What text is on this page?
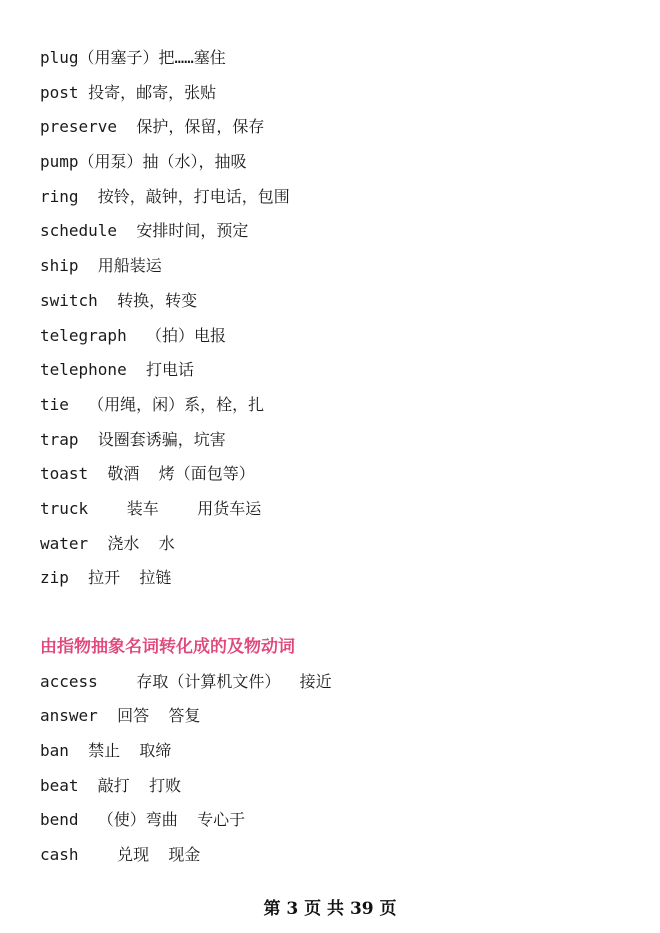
plug（用塞子）把……塞住
post 投寄，邮寄，张贴
preserve  保护，保留，保存
pump（用泵）抽（水），抽吸
ring  按铃，敲钟，打电话，包围
schedule  安排时间，预定
ship  用船装运
switch  转换，转变
telegraph  （拍）电报
telephone  打电话
tie  （用绳，闲）系，栓，扎
trap  设圈套诱骗，坑害
toast  敬酒  烤（面包等）
truck    装车    用货车运
water  浇水  水
zip  拉开  拉链
由指物抽象名词转化成的及物动词
access    存取（计算机文件）  接近
answer  回答  答复
ban  禁止  取缔
beat  敲打  打败
bend  （使）弯曲  专心于
cash    兑现  现金
第 3 页 共 39 页
